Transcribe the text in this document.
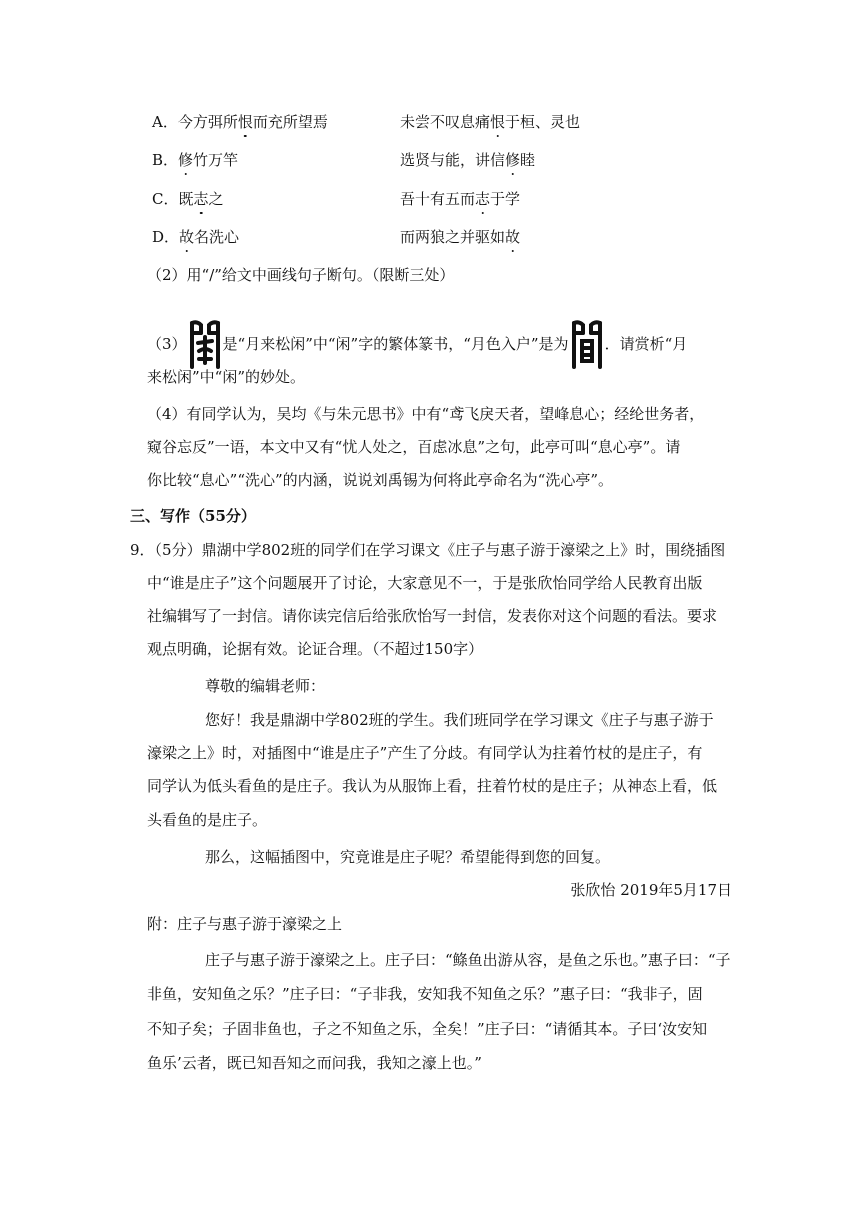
A．今方弭所恨而充所望焉	未尝不叹息痛恨于桓、灵也
B．修竹万竿	选贤与能，讲信修睦
C．既志之	吾十有五而志于学
D．故名洗心	而两狼之并驱如故
（2）用“/”给文中画线句子断句。（限断三处）
（3） 是“月来松闲”中“闲”字的繁体篆书，“月色入户”是为 ．请赏析“月
来松闲”中“闲”的妙处。
（4）有同学认为，吴均《与朱元思书》中有“鸢飞戾天者，望峰息心；经纶世务者，
窥谷忘反”一语，本文中又有“忧人处之，百虑冰息”之句，此亭可叫“息心亭”。请
你比较“息心”“洗心”的内涵，说说刘禹锡为何将此亭命名为“洗心亭”。
三、写作（55分）
9．（5分）鼎湖中学802班的同学们在学习课文《庄子与惠子游于濠梁之上》时，围绕插图
中“谁是庄子”这个问题展开了讨论，大家意见不一，于是张欣怡同学给人民教育出版
社编辑写了一封信。请你读完信后给张欣怡写一封信，发表你对这个问题的看法。要求
观点明确，论据有效。论证合理。（不超过150字）
尊敬的编辑老师：
您好！我是鼎湖中学802班的学生。我们班同学在学习课文《庄子与惠子游于
濠梁之上》时，对插图中“谁是庄子”产生了分歧。有同学认为拄着竹杖的是庄子，有
同学认为低头看鱼的是庄子。我认为从服饰上看，拄着竹杖的是庄子；从神态上看，低
头看鱼的是庄子。
那么，这幅插图中，究竟谁是庄子呢？希望能得到您的回复。
张欣怡 2019年5月17日
附：庄子与惠子游于濠梁之上
庄子与惠子游于濠梁之上。庄子曰：“鲦鱼出游从容，是鱼之乐也。”惠子曰：“子
非鱼，安知鱼之乐？”庄子曰：“子非我，安知我不知鱼之乐？”惠子曰：“我非子，固
不知子矣；子固非鱼也，子之不知鱼之乐，全矣！”庄子曰：“请循其本。子曰‘汝安知
鱼乐’云者，既已知吾知之而问我，我知之濠上也。”
